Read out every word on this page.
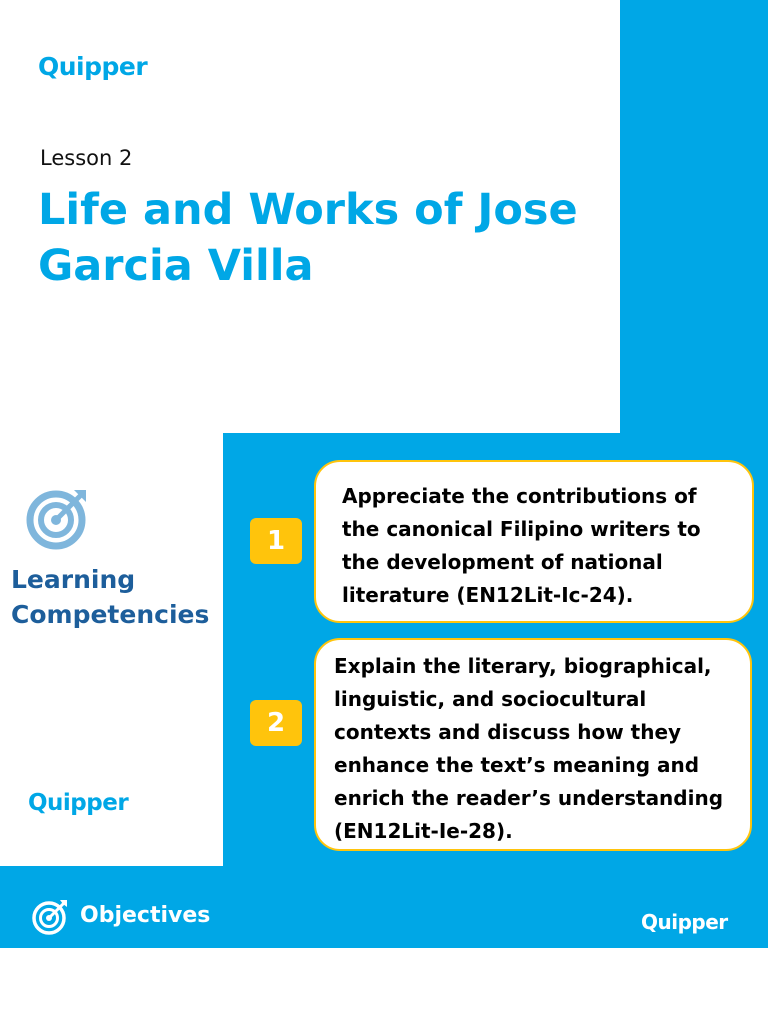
Quipper
Lesson 2
Life and Works of Jose Garcia Villa
Learning Competencies
Quipper
1
Appreciate the contributions of the canonical Filipino writers to the development of national literature (EN12Lit-Ic-24).
2
Explain the literary, biographical, linguistic, and sociocultural contexts and discuss how they enhance the text’s meaning and enrich the reader’s understanding (EN12Lit-Ie-28).
Objectives	Quipper
